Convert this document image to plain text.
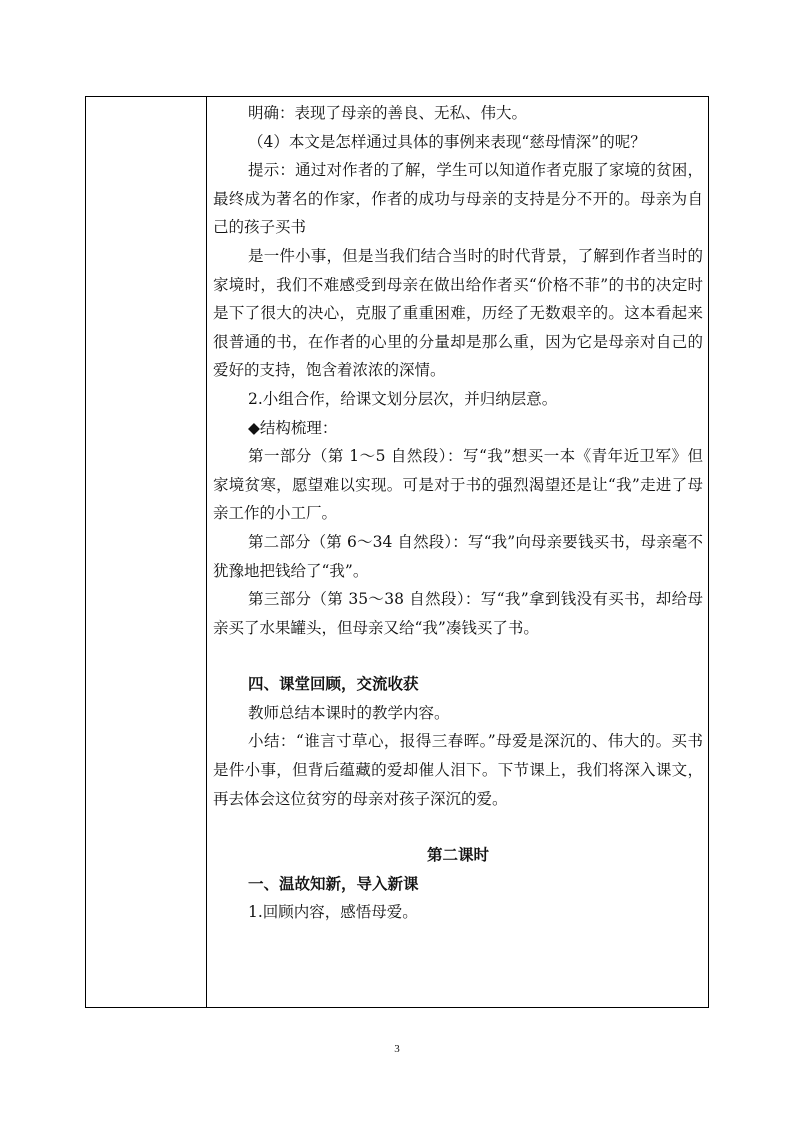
明确：表现了母亲的善良、无私、伟大。

（4）本文是怎样通过具体的事例来表现“慈母情深”的呢？

提示：通过对作者的了解，学生可以知道作者克服了家境的贫困，最终成为著名的作家，作者的成功与母亲的支持是分不开的。母亲为自己的孩子买书

是一件小事，但是当我们结合当时的时代背景，了解到作者当时的家境时，我们不难感受到母亲在做出给作者买“价格不菲”的书的决定时是下了很大的决心，克服了重重困难，历经了无数艰辛的。这本看起来很普通的书，在作者的心里的分量却是那么重，因为它是母亲对自己的爱好的支持，饱含着浓浓的深情。

2.小组合作，给课文划分层次，并归纳层意。

◆结构梳理：

第一部分（第 1～5 自然段）：写“我”想买一本《青年近卫军》但家境贫寒，愿望难以实现。可是对于书的强烈渴望还是让“我”走进了母亲工作的小工厂。

第二部分（第 6～34 自然段）：写“我”向母亲要钱买书，母亲毫不犹豫地把钱给了“我”。

第三部分（第 35～38 自然段）：写“我”拿到钱没有买书，却给母亲买了水果罐头，但母亲又给“我”凑钱买了书。

四、课堂回顾，交流收获

教师总结本课时的教学内容。

小结：“谁言寸草心，报得三春晖。”母爱是深沉的、伟大的。买书是件小事，但背后蕴藏的爱却催人泪下。下节课上，我们将深入课文，再去体会这位贫穷的母亲对孩子深沉的爱。

第二课时

一、温故知新，导入新课

1.回顾内容，感悟母爱。

3
